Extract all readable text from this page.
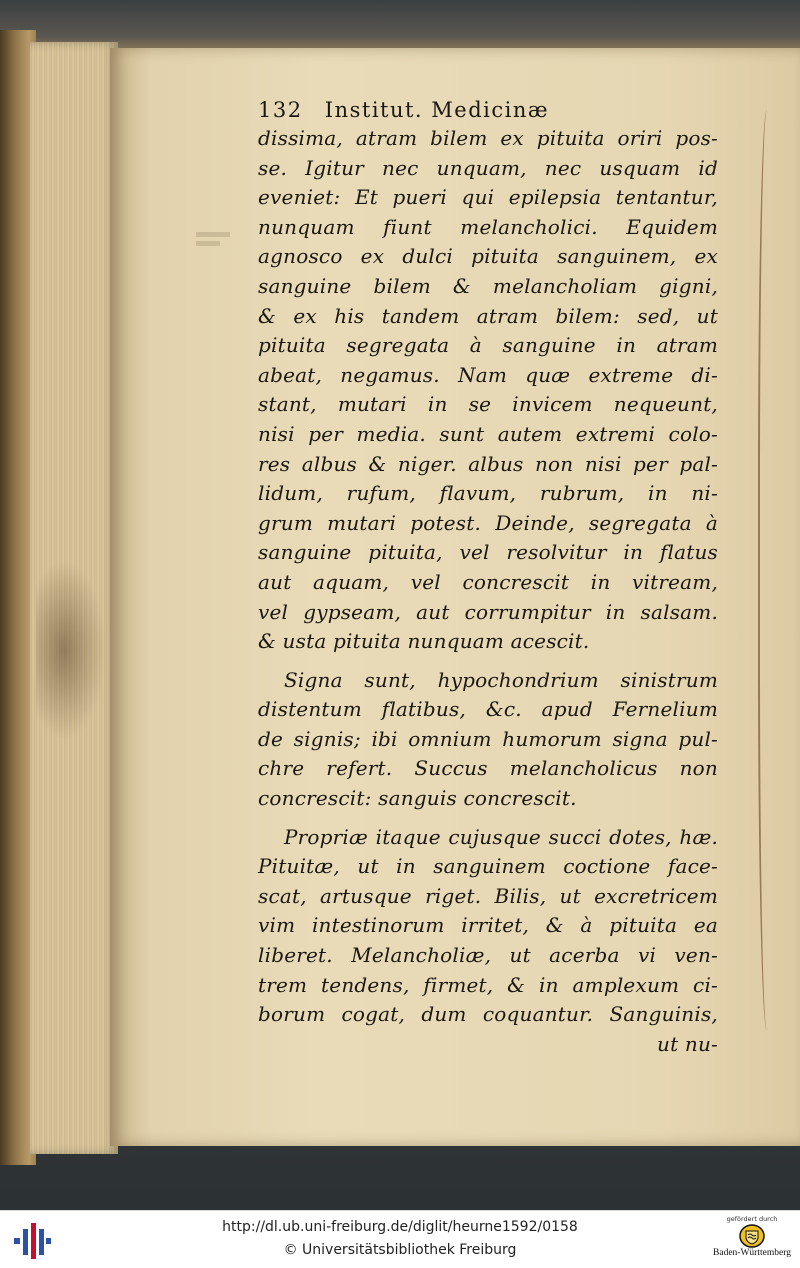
132 Institut. Medicinæ
dissima, atram bilem ex pituita oriri pos-
se. Igitur nec unquam, nec usquam id
eveniet: Et pueri qui epilepsia tentantur,
nunquam fiunt melancholici. Equidem
agnosco ex dulci pituita sanguinem, ex
sanguine bilem & melancholiam gigni,
& ex his tandem atram bilem: sed, ut
pituita segregata à sanguine in atram
abeat, negamus. Nam quæ extreme di-
stant, mutari in se invicem nequeunt,
nisi per media. sunt autem extremi colo-
res albus & niger. albus non nisi per pal-
lidum, rufum, flavum, rubrum, in ni-
grum mutari potest. Deinde, segregata à
sanguine pituita, vel resolvitur in flatus
aut aquam, vel concrescit in vitream,
vel gypseam, aut corrumpitur in salsam.
& usta pituita nunquam acescit.
Signa sunt, hypochondrium sinistrum
distentum flatibus, &c. apud Fernelium
de signis; ibi omnium humorum signa pul-
chre refert. Succus melancholicus non
concrescit: sanguis concrescit.
Propriæ itaque cujusque succi dotes, hæ.
Pituitæ, ut in sanguinem coctione face-
scat, artusque riget. Bilis, ut excretricem
vim intestinorum irritet, & à pituita ea
liberet. Melancholiæ, ut acerba vi ven-
trem tendens, firmet, & in amplexum ci-
borum cogat, dum coquantur. Sanguinis,
ut nu-
http://dl.ub.uni-freiburg.de/diglit/heurne1592/0158
© Universitätsbibliothek Freiburg
gefördert durch
Baden-Württemberg
